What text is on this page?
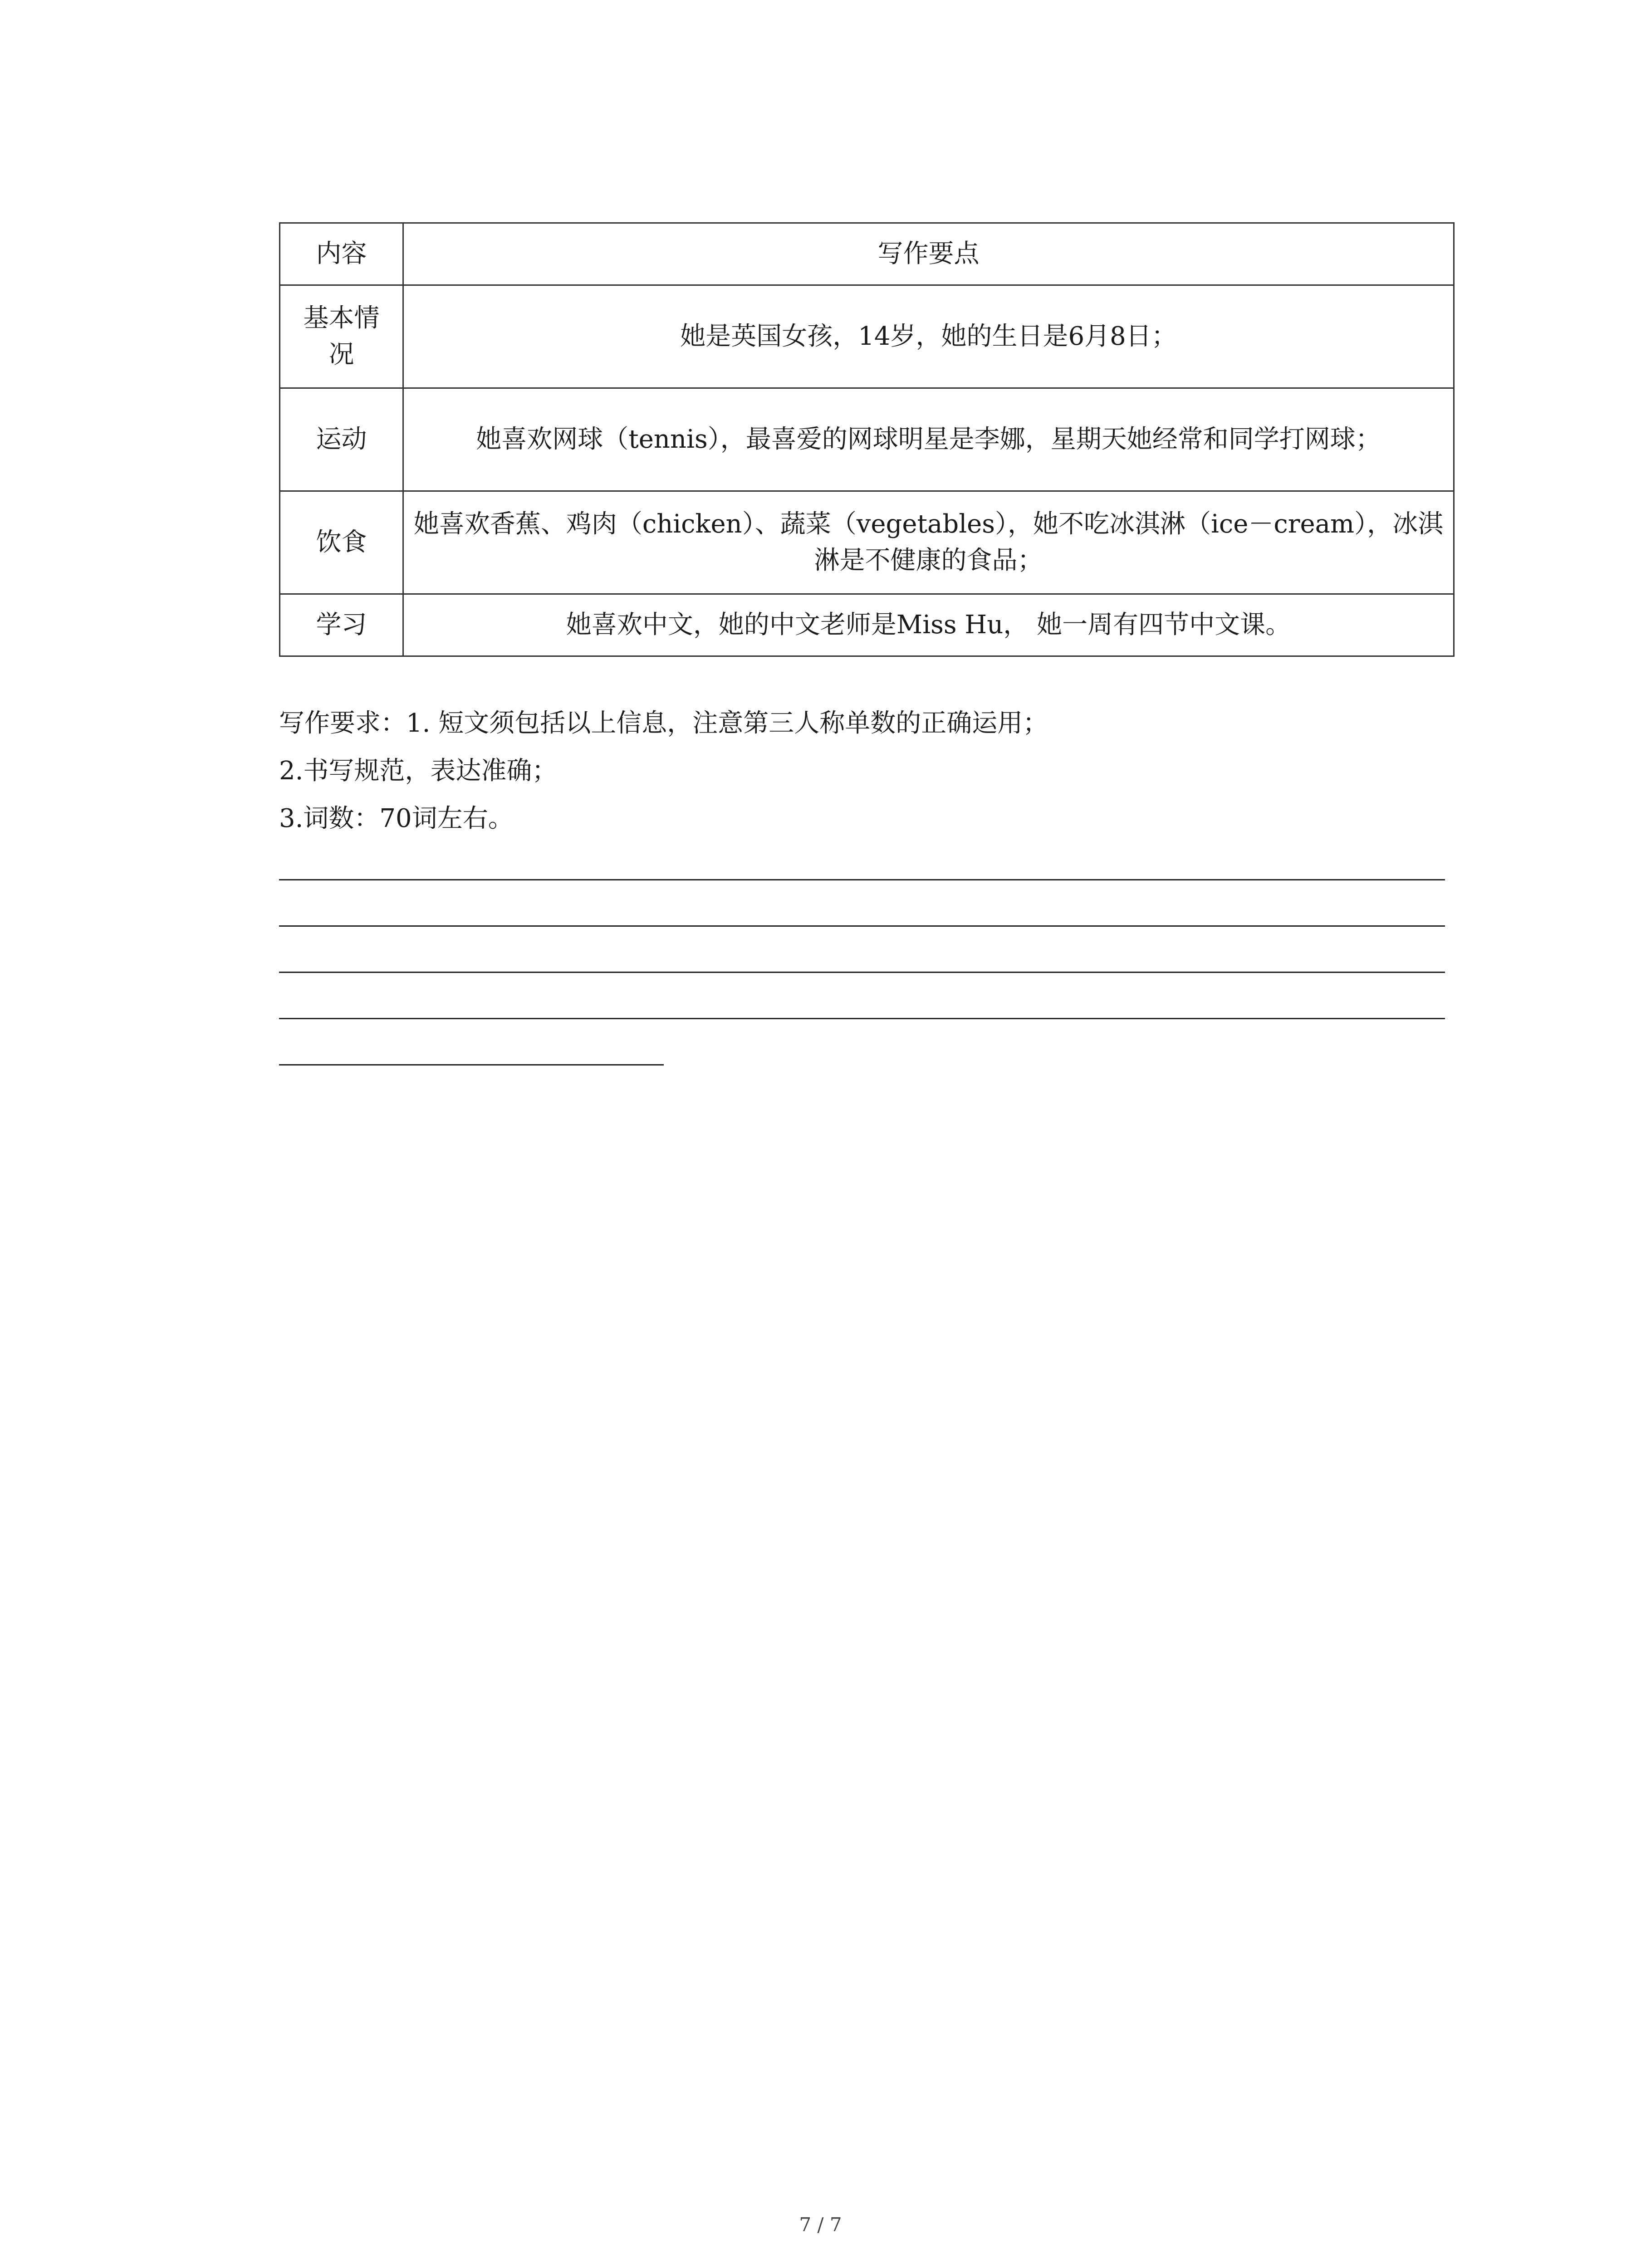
内容	写作要点
基本情况	她是英国女孩，14岁，她的生日是6月8日；
运动	她喜欢网球（tennis），最喜爱的网球明星是李娜，星期天她经常和同学打网球；
饮食	她喜欢香蕉、鸡肉（chicken）、蔬菜（vegetables），她不吃冰淇淋（ice－cream），冰淇淋是不健康的食品；
学习	她喜欢中文，她的中文老师是Miss Hu， 她一周有四节中文课。
写作要求：1. 短文须包括以上信息，注意第三人称单数的正确运用；
2.书写规范，表达准确；
3.词数：70词左右。
7 / 7
